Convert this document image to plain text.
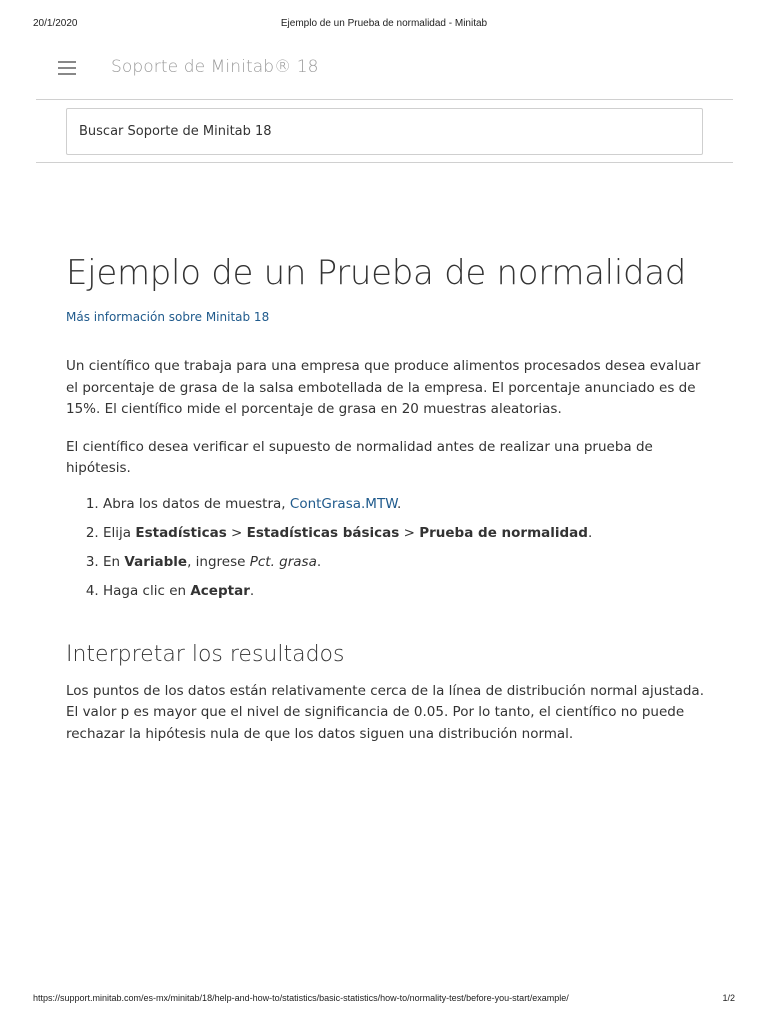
20/1/2020	Ejemplo de un Prueba de normalidad - Minitab
Soporte de Minitab® 18
Buscar Soporte de Minitab 18
Ejemplo de un Prueba de normalidad
Más información sobre Minitab 18

Un científico que trabaja para una empresa que produce alimentos procesados desea evaluar el porcentaje de grasa de la salsa embotellada de la empresa. El porcentaje anunciado es de 15%. El científico mide el porcentaje de grasa en 20 muestras aleatorias.

El científico desea verificar el supuesto de normalidad antes de realizar una prueba de hipótesis.

1. Abra los datos de muestra, ContGrasa.MTW.
2. Elija Estadísticas > Estadísticas básicas > Prueba de normalidad.
3. En Variable, ingrese Pct. grasa.
4. Haga clic en Aceptar.
Interpretar los resultados

Los puntos de los datos están relativamente cerca de la línea de distribución normal ajustada. El valor p es mayor que el nivel de significancia de 0.05. Por lo tanto, el científico no puede rechazar la hipótesis nula de que los datos siguen una distribución normal.

https://support.minitab.com/es-mx/minitab/18/help-and-how-to/statistics/basic-statistics/how-to/normality-test/before-you-start/example/	1/2
